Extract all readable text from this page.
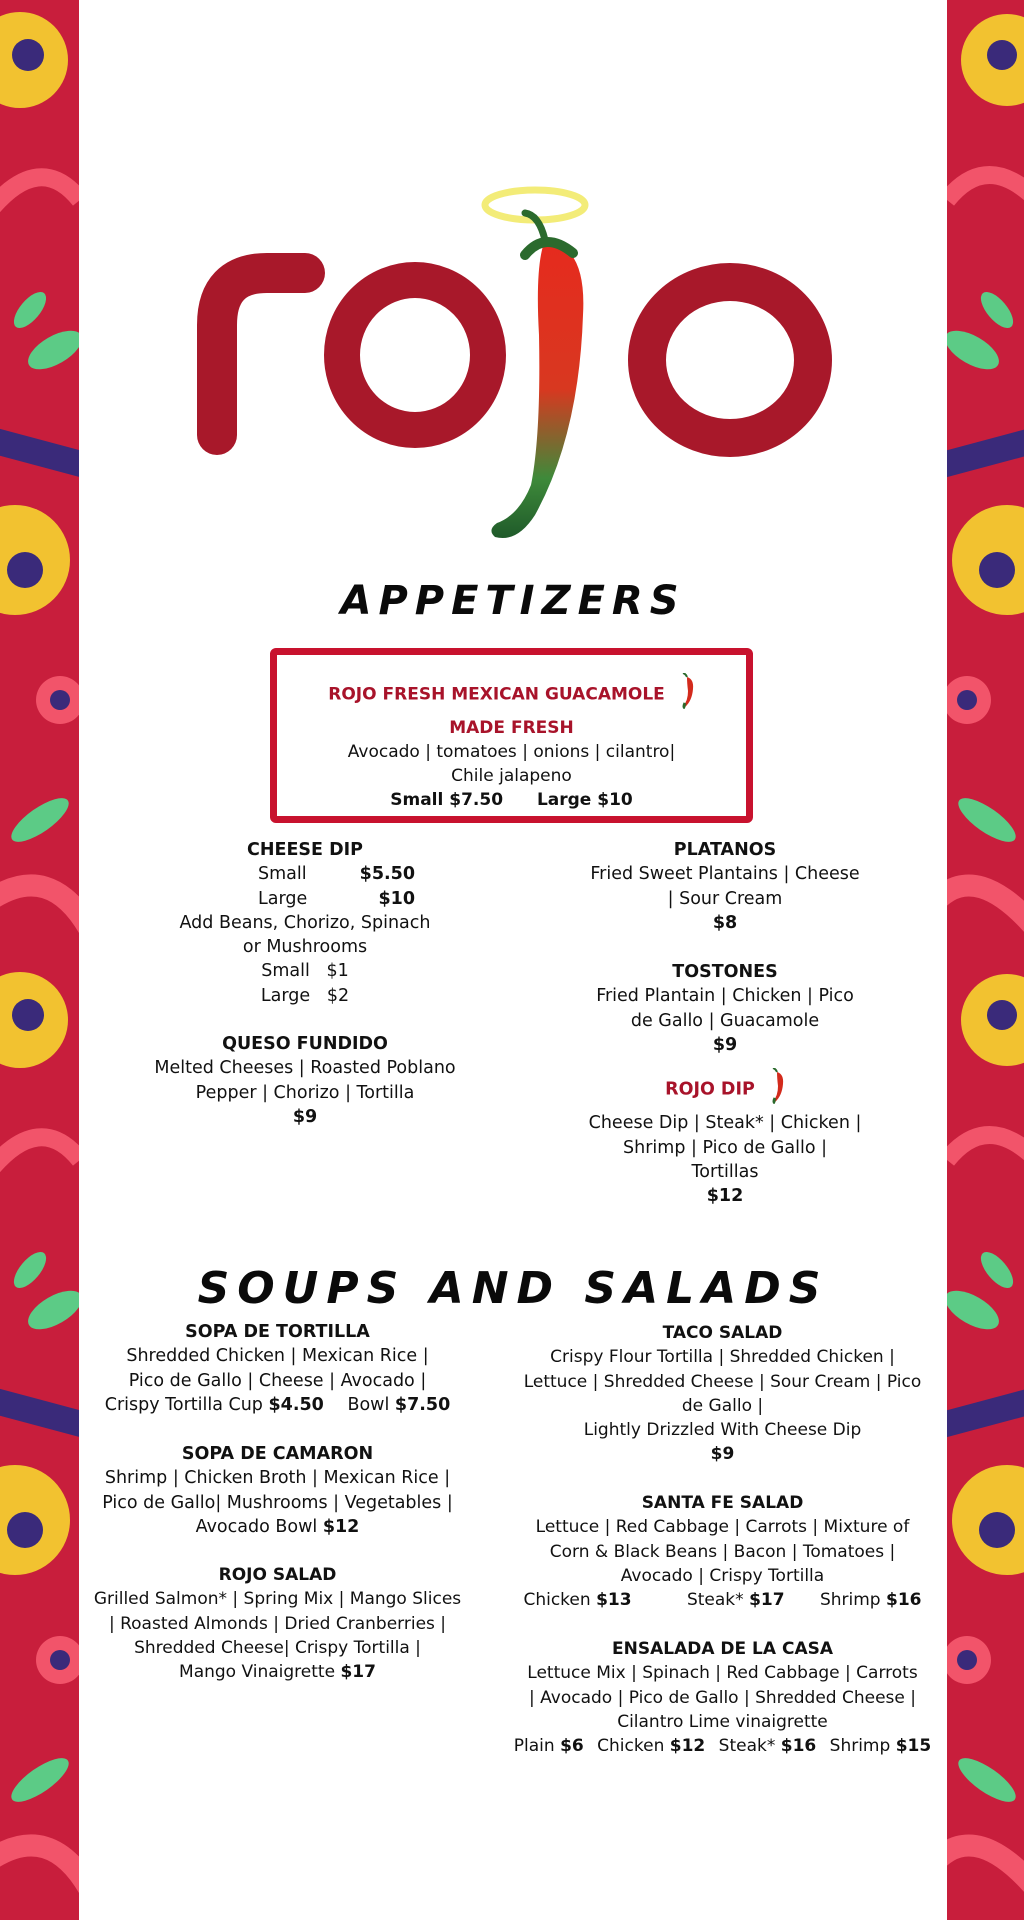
APPETIZERS
ROJO FRESH MEXICAN GUACAMOLE
MADE FRESH
Avocado | tomatoes | onions | cilantro|
Chile jalapeno
Small $7.50 Large $10
CHEESE DIP
Small	$5.50
Large	$10
Add Beans, Chorizo, Spinach
or Mushrooms
Small   $1
Large   $2
QUESO FUNDIDO
Melted Cheeses | Roasted Poblano
Pepper | Chorizo | Tortilla
$9
PLATANOS
Fried Sweet Plantains | Cheese
| Sour Cream
$8
TOSTONES
Fried Plantain | Chicken | Pico
de Gallo | Guacamole
$9
ROJO DIP
Cheese Dip | Steak* | Chicken |
Shrimp | Pico de Gallo |
Tortillas
$12
SOUPS AND SALADS
SOPA DE TORTILLA
Shredded Chicken | Mexican Rice |
Pico de Gallo | Cheese | Avocado |
Crispy Tortilla Cup $4.50 Bowl $7.50
SOPA DE CAMARON
Shrimp | Chicken Broth | Mexican Rice |
Pico de Gallo| Mushrooms | Vegetables |
Avocado Bowl $12
ROJO SALAD
Grilled Salmon* | Spring Mix | Mango Slices
| Roasted Almonds | Dried Cranberries |
Shredded Cheese| Crispy Tortilla |
Mango Vinaigrette $17
TACO SALAD
Crispy Flour Tortilla | Shredded Chicken |
Lettuce | Shredded Cheese | Sour Cream | Pico
de Gallo |
Lightly Drizzled With Cheese Dip
$9
SANTA FE SALAD
Lettuce | Red Cabbage | Carrots | Mixture of
Corn & Black Beans | Bacon | Tomatoes |
Avocado | Crispy Tortilla
Chicken $13	Steak* $17 Shrimp $16
ENSALADA DE LA CASA
Lettuce Mix | Spinach | Red Cabbage | Carrots
| Avocado | Pico de Gallo | Shredded Cheese |
Cilantro Lime vinaigrette
Plain $6 Chicken $12 Steak* $16 Shrimp $15
